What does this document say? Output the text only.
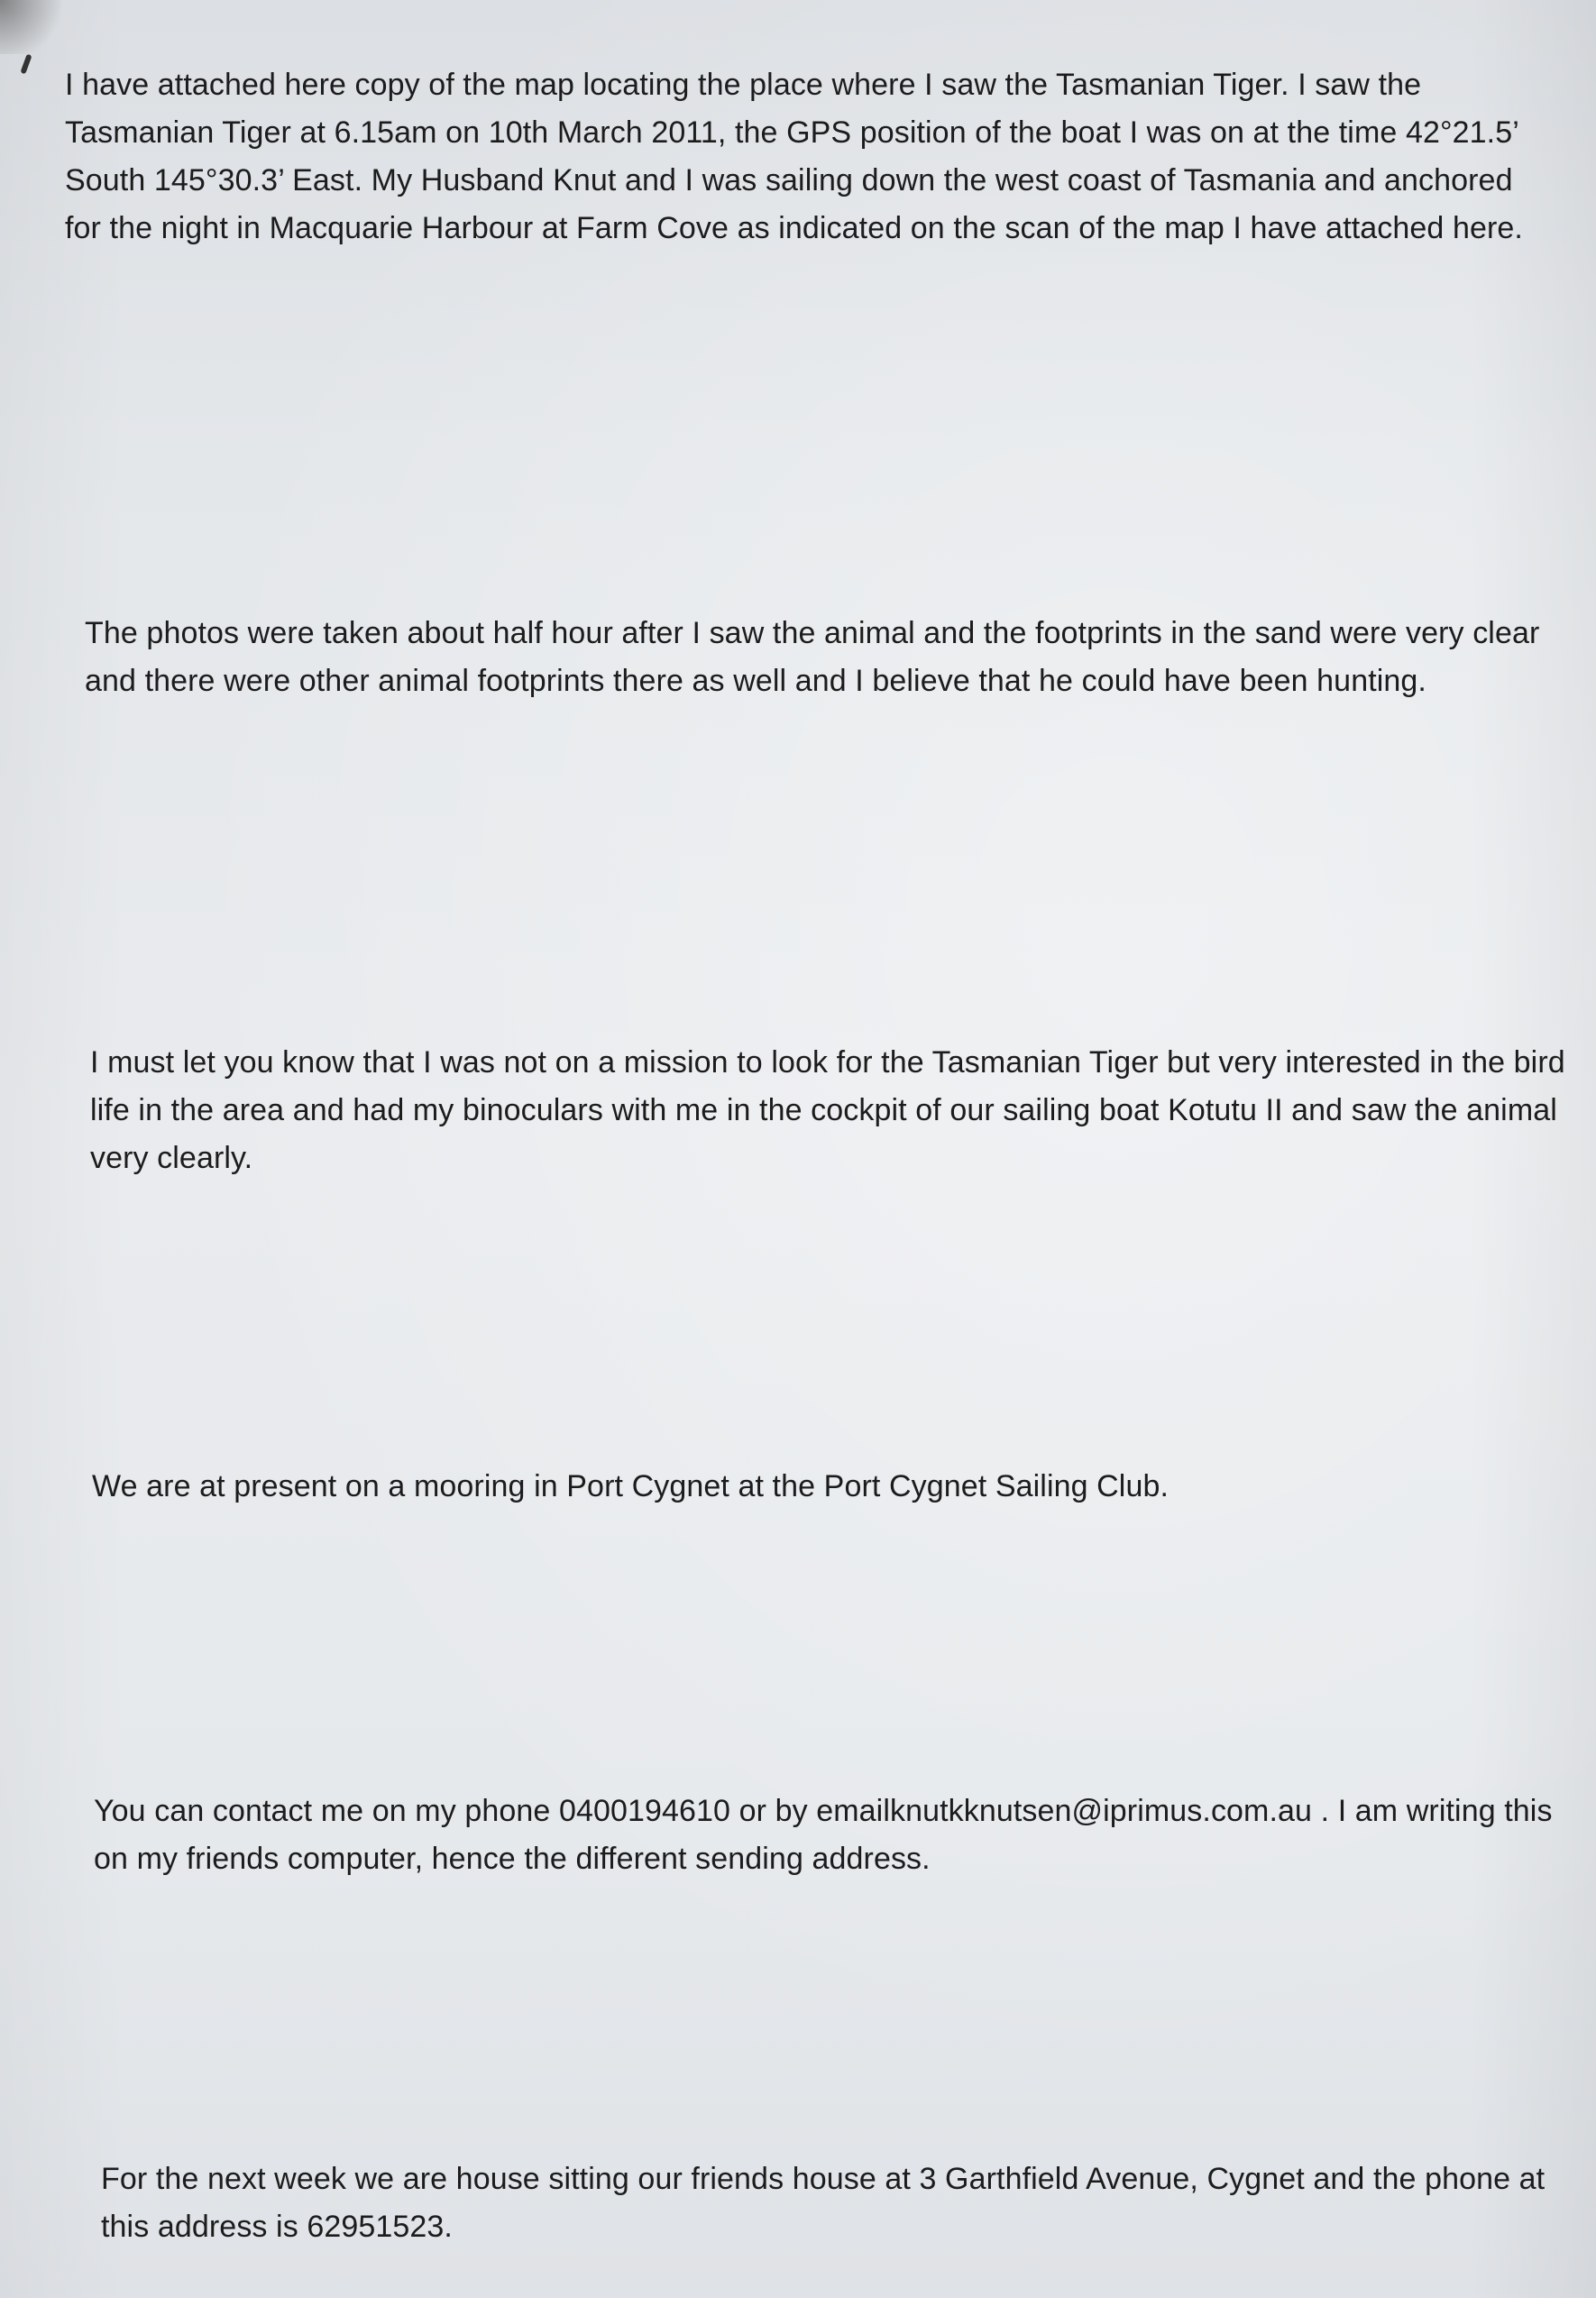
I have attached here copy of the map locating the place where I saw the Tasmanian Tiger. I saw the Tasmanian Tiger at 6.15am on 10th March 2011, the GPS position of the boat I was on at the time 42°21.5’ South 145°30.3’ East. My Husband Knut and I was sailing down the west coast of Tasmania and anchored for the night in Macquarie Harbour at Farm Cove as indicated on the scan of the map I have attached here.

The photos were taken about half hour after I saw the animal and the footprints in the sand were very clear and there were other animal footprints there as well and I believe that he could have been hunting.

I must let you know that I was not on a mission to look for the Tasmanian Tiger but very interested in the bird life in the area and had my binoculars with me in the cockpit of our sailing boat Kotutu II and saw the animal very clearly.

We are at present on a mooring in Port Cygnet at the Port Cygnet Sailing Club.

You can contact me on my phone 0400194610 or by emailknutkknutsen@iprimus.com.au . I am writing this on my friends computer, hence the different sending address.

For the next week we are house sitting our friends house at 3 Garthfield Avenue, Cygnet and the phone at this address is 62951523.
